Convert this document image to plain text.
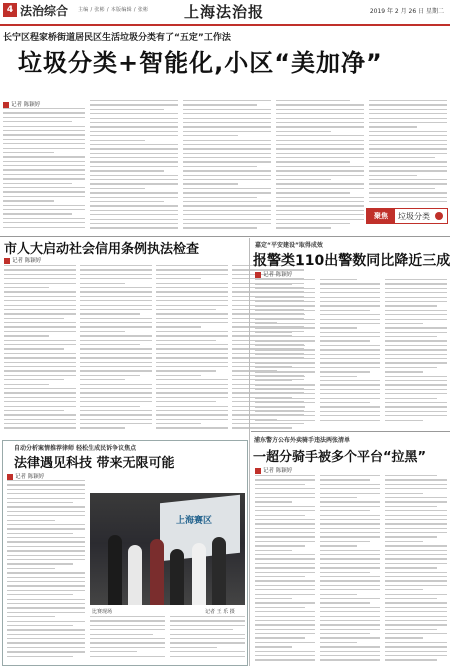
4 法治综合 主编 / 张彬 / 本版编辑 / 张彬 上海法治报	2019 年 2 月 26 日 星期二
长宁区程家桥街道居民区生活垃圾分类有了“五定”工作法
垃圾分类+智能化,小区“美加净”
记者 陈颖婷
聚焦	垃圾分类
市人大启动社会信用条例执法检查
记者 陈颖婷
嘉定“平安建设”取得成效
报警类110出警数同比降近三成
记者 陈颖婷
自动分析案情推荐律师 轻松生成民诉争议焦点
法律遇见科技 带来无限可能
记者 陈颖婷
上海赛区
比赛现场	记者 王 乐 摄
浦东警方公布外卖骑手违法两张清单
一超分骑手被多个平台“拉黑”
记者 陈颖婷
